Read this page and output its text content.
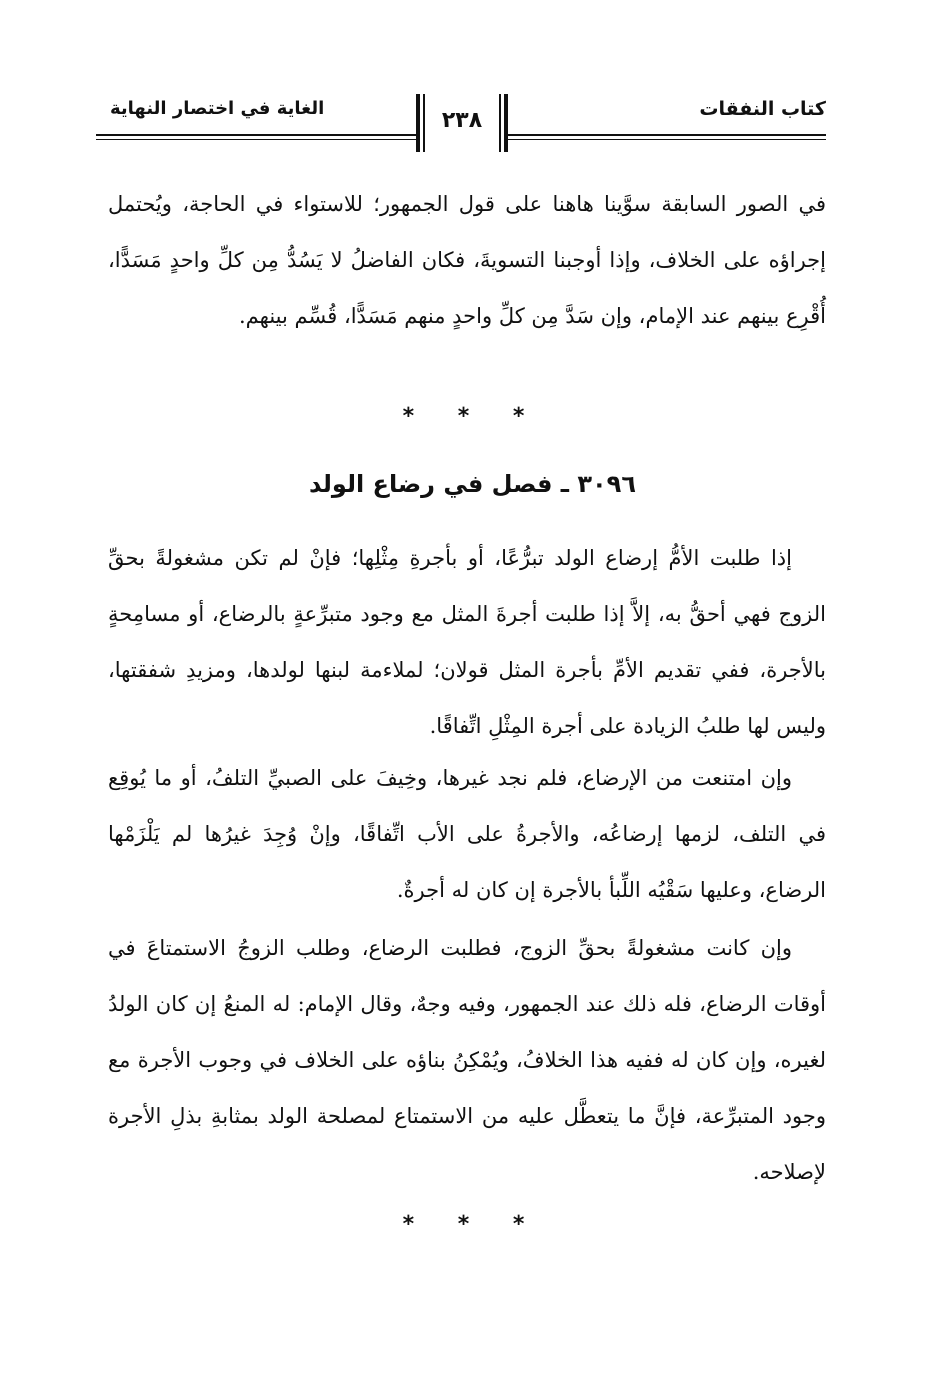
كتاب النفقات
٢٣٨
الغاية في اختصار النهاية
في الصور السابقة سوَّينا هاهنا على قول الجمهور؛ للاستواء في الحاجة، ويُحتمل إجراؤه على الخلاف، وإذا أوجبنا التسويةَ، فكان الفاضلُ لا يَسُدُّ مِن كلِّ واحدٍ مَسَدًّا، أُقْرِع بينهم عند الإمام، وإن سَدَّ مِن كلِّ واحدٍ منهم مَسَدًّا، قُسِّم بينهم.
* * *
٣٠٩٦ ـ فصل في رضاع الولد
إذا طلبت الأمُّ إرضاع الولد تبرُّعًا، أو بأجرةِ مِثْلِها؛ فإنْ لم تكن مشغولةً بحقِّ الزوج فهي أحقُّ به، إلاَّ إذا طلبت أجرةَ المثل مع وجود متبرِّعةٍ بالرضاع، أو مسامِحةٍ بالأجرة، ففي تقديم الأمِّ بأجرة المثل قولان؛ لملاءمة لبنها لولدها، ومزيدِ شفقتها، وليس لها طلبُ الزيادة على أجرة المِثْلِ اتِّفاقًا.
وإن امتنعت من الإرضاع، فلم نجد غيرها، وخِيفَ على الصبيِّ التلفُ، أو ما يُوقِع في التلف، لزمها إرضاعُه، والأجرةُ على الأب اتِّفاقًا، وإنْ وُجِدَ غيرُها لم يَلْزَمْها الرضاع، وعليها سَقْيُه اللِّبأ بالأجرة إن كان له أجرةٌ.
وإن كانت مشغولةً بحقِّ الزوج، فطلبت الرضاع، وطلب الزوجُ الاستمتاعَ في أوقات الرضاع، فله ذلك عند الجمهور، وفيه وجهٌ، وقال الإمام: له المنعُ إن كان الولدُ لغيره، وإن كان له ففيه هذا الخلافُ، ويُمْكِنُ بناؤه على الخلاف في وجوب الأجرة مع وجود المتبرِّعة، فإنَّ ما يتعطَّل عليه من الاستمتاع لمصلحة الولد بمثابةِ بذلِ الأجرة لإصلاحه.
* * *
